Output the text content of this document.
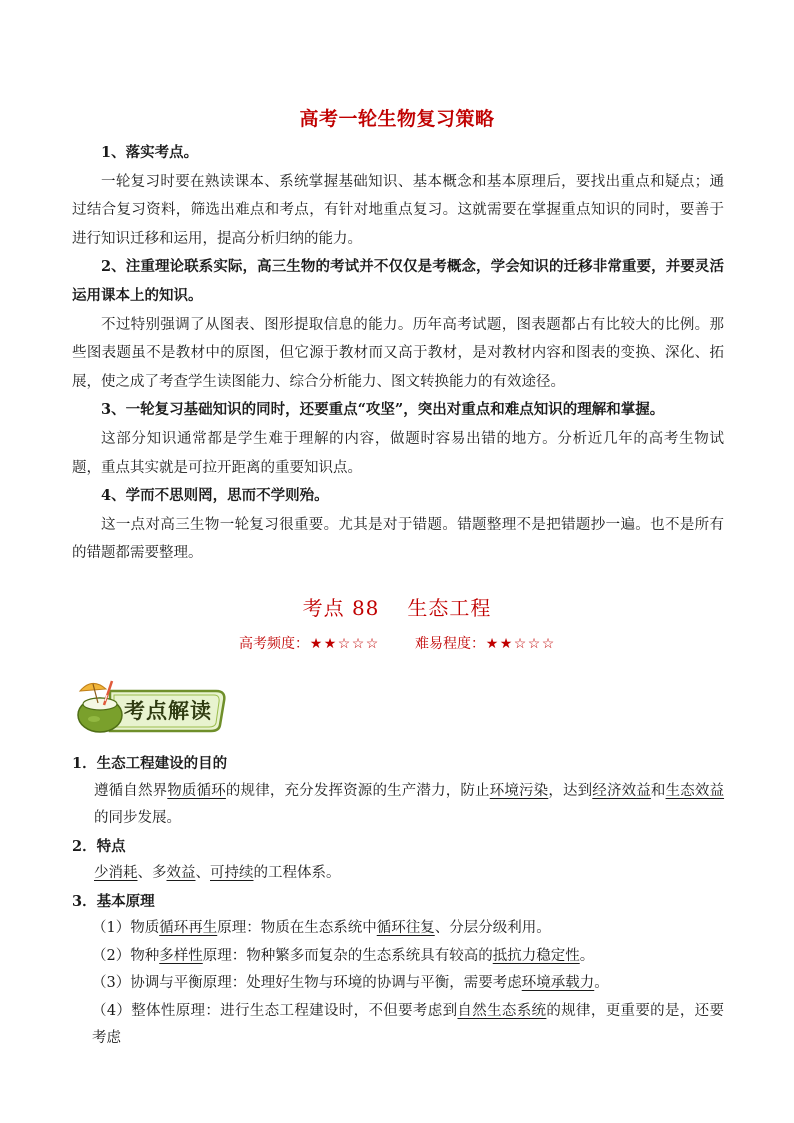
高考一轮生物复习策略

1、落实考点。

一轮复习时要在熟读课本、系统掌握基础知识、基本概念和基本原理后，要找出重点和疑点；通过结合复习资料，筛选出难点和考点，有针对地重点复习。这就需要在掌握重点知识的同时，要善于进行知识迁移和运用，提高分析归纳的能力。

2、注重理论联系实际，高三生物的考试并不仅仅是考概念，学会知识的迁移非常重要，并要灵活运用课本上的知识。

不过特别强调了从图表、图形提取信息的能力。历年高考试题，图表题都占有比较大的比例。那些图表题虽不是教材中的原图，但它源于教材而又高于教材，是对教材内容和图表的变换、深化、拓展，使之成了考查学生读图能力、综合分析能力、图文转换能力的有效途径。

3、一轮复习基础知识的同时，还要重点“攻坚”，突出对重点和难点知识的理解和掌握。

这部分知识通常都是学生难于理解的内容，做题时容易出错的地方。分析近几年的高考生物试题，重点其实就是可拉开距离的重要知识点。

4、学而不思则罔，思而不学则殆。

这一点对高三生物一轮复习很重要。尤其是对于错题。错题整理不是把错题抄一遍。也不是所有的错题都需要整理。

考点 88 生态工程
高考频度：★★☆☆☆	难易程度：★★☆☆☆
考点解读

1．生态工程建设的目的

遵循自然界物质循环的规律，充分发挥资源的生产潜力，防止环境污染，达到经济效益和生态效益的同步发展。

2．特点

少消耗、多效益、可持续的工程体系。

3．基本原理

（1）物质循环再生原理：物质在生态系统中循环往复、分层分级利用。

（2）物种多样性原理：物种繁多而复杂的生态系统具有较高的抵抗力稳定性。

（3）协调与平衡原理：处理好生物与环境的协调与平衡，需要考虑环境承载力。

（4）整体性原理：进行生态工程建设时，不但要考虑到自然生态系统的规律，更重要的是，还要考虑
